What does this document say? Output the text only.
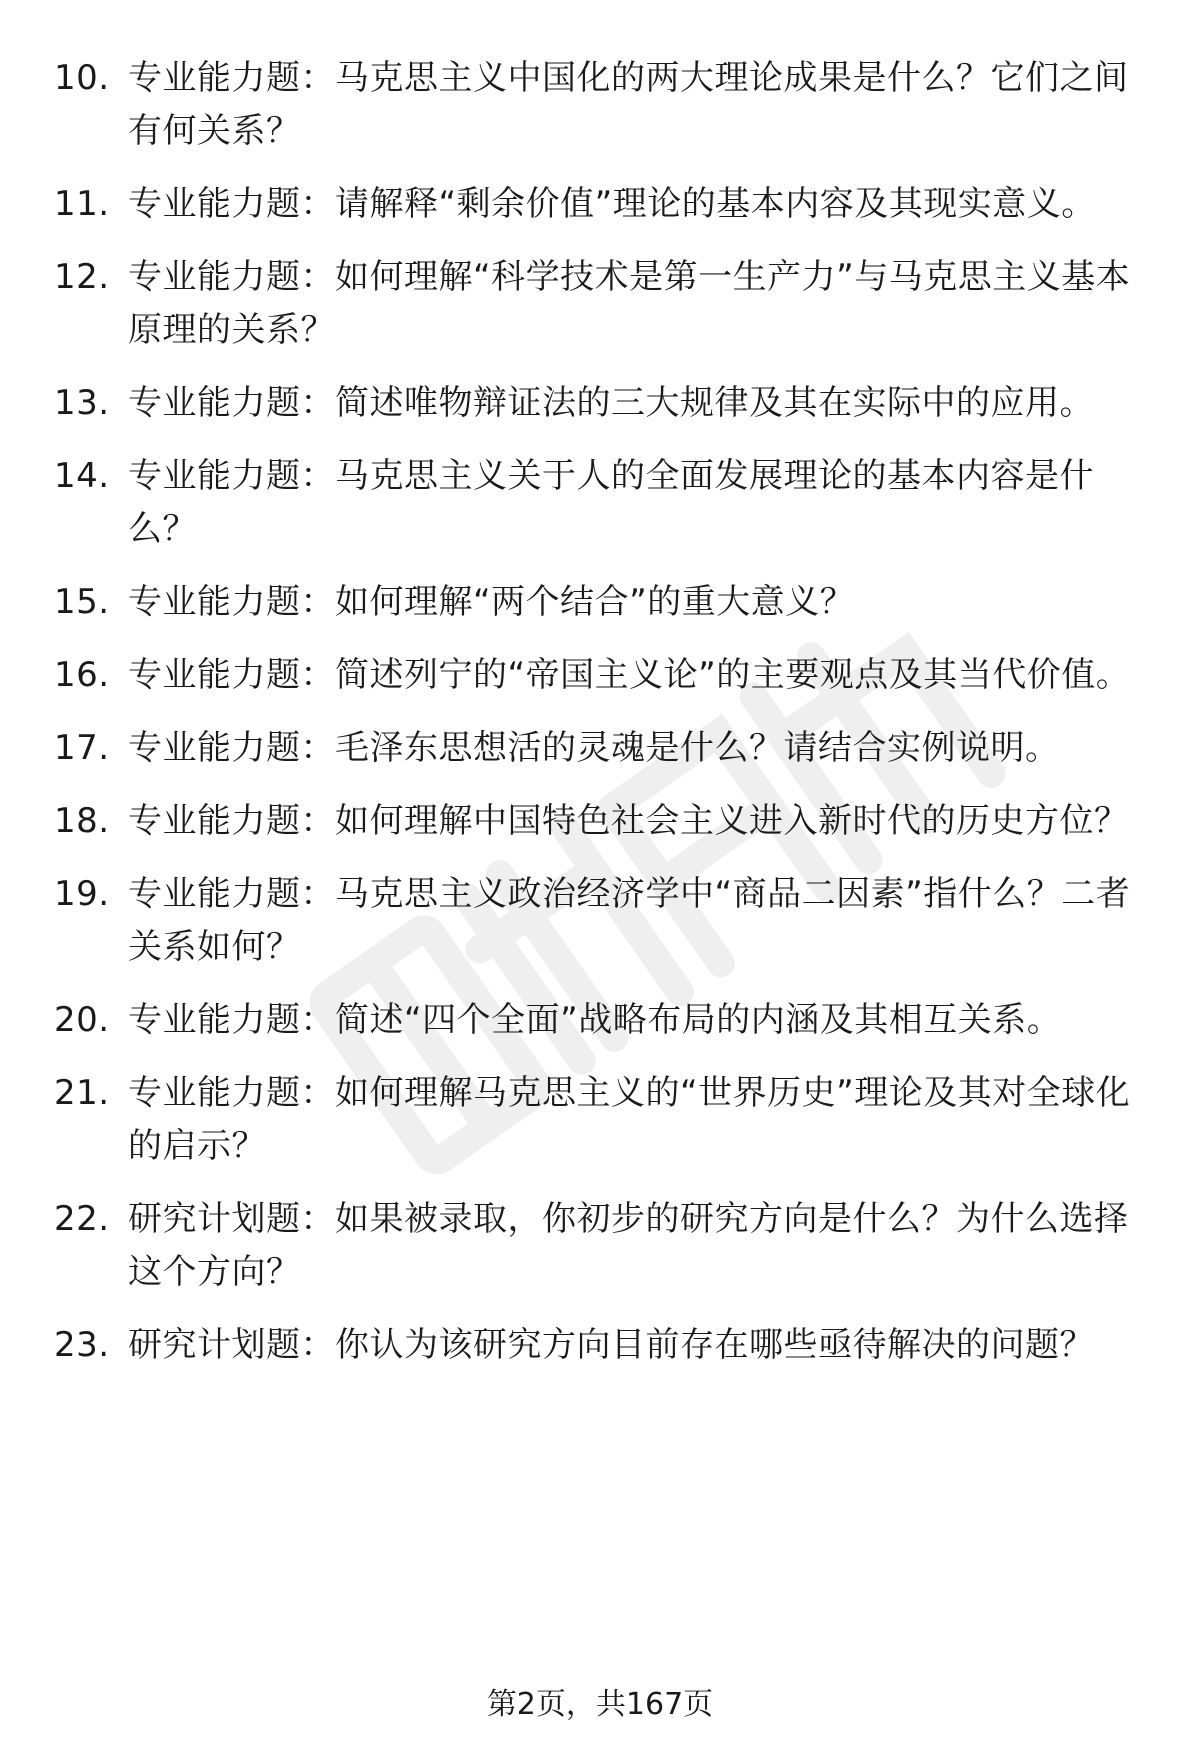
10. 专业能力题：马克思主义中国化的两大理论成果是什么？它们之间有何关系？
11. 专业能力题：请解释“剩余价值”理论的基本内容及其现实意义。
12. 专业能力题：如何理解“科学技术是第一生产力”与马克思主义基本原理的关系？
13. 专业能力题：简述唯物辩证法的三大规律及其在实际中的应用。
14. 专业能力题：马克思主义关于人的全面发展理论的基本内容是什么？
15. 专业能力题：如何理解“两个结合”的重大意义？
16. 专业能力题：简述列宁的“帝国主义论”的主要观点及其当代价值。
17. 专业能力题：毛泽东思想活的灵魂是什么？请结合实例说明。
18. 专业能力题：如何理解中国特色社会主义进入新时代的历史方位？
19. 专业能力题：马克思主义政治经济学中“商品二因素”指什么？二者关系如何？
20. 专业能力题：简述“四个全面”战略布局的内涵及其相互关系。
21. 专业能力题：如何理解马克思主义的“世界历史”理论及其对全球化的启示？
22. 研究计划题：如果被录取，你初步的研究方向是什么？为什么选择这个方向？
23. 研究计划题：你认为该研究方向目前存在哪些亟待解决的问题？
第2页，共167页
